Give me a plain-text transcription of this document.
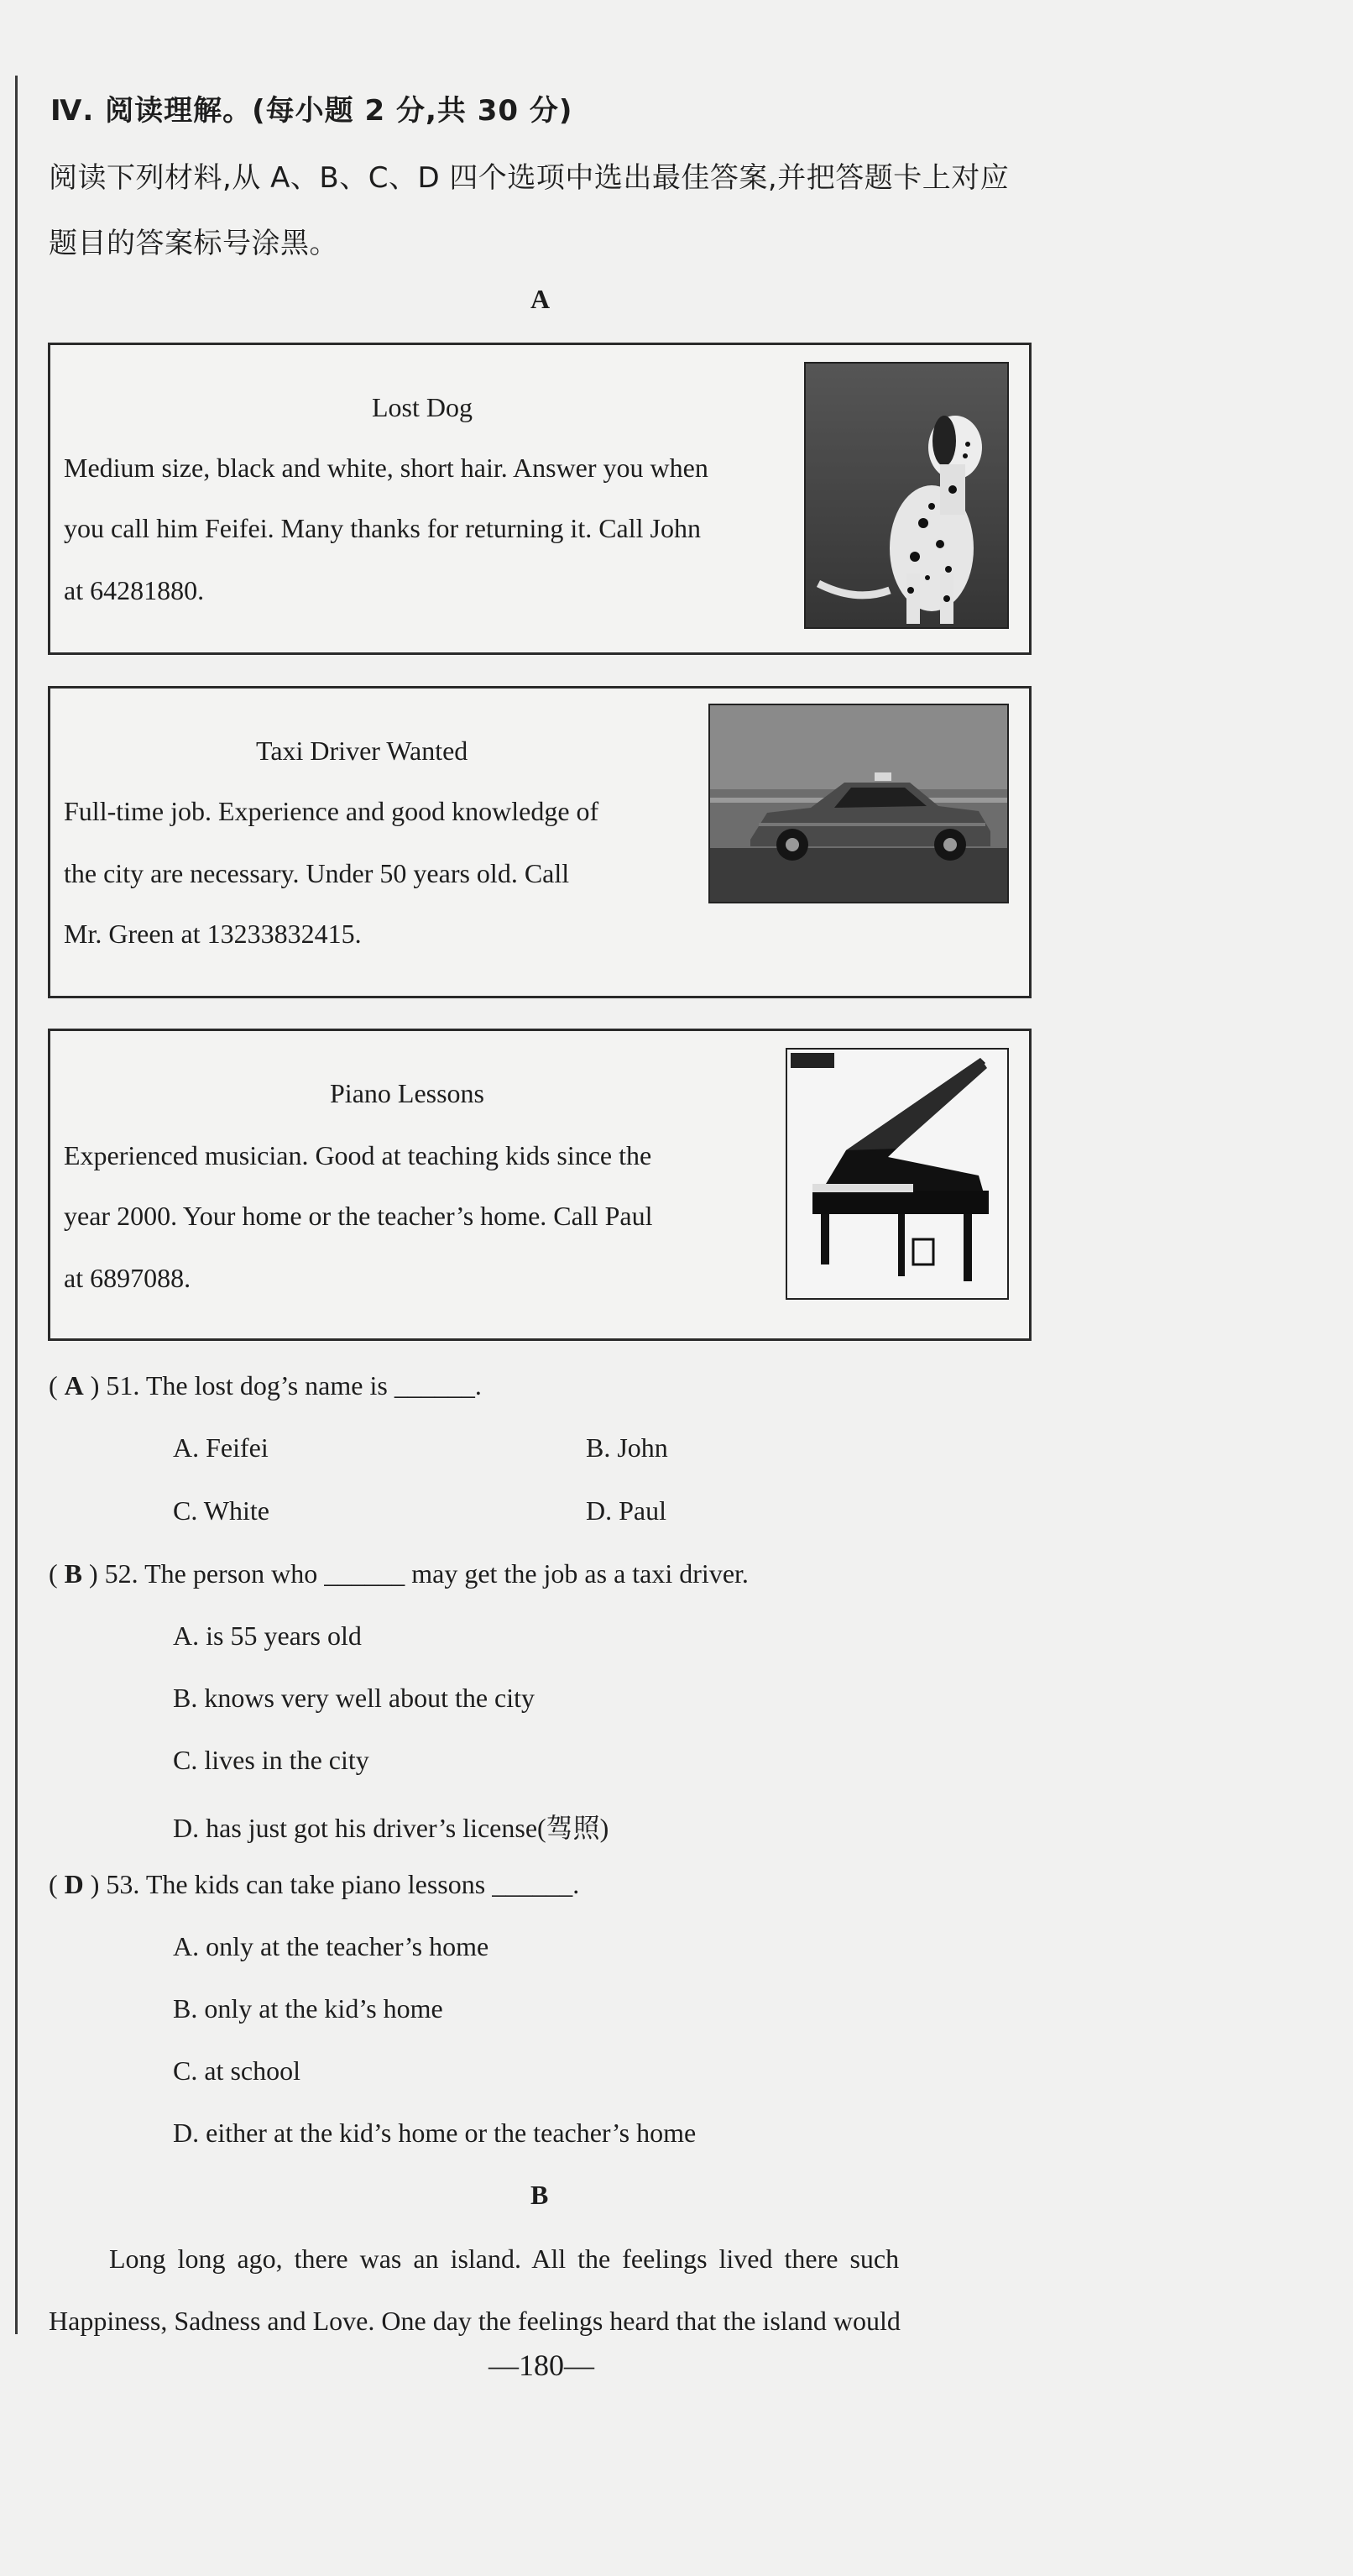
Ⅳ. 阅读理解。(每小题 2 分,共 30 分)
阅读下列材料,从 A、B、C、D 四个选项中选出最佳答案,并把答题卡上对应
题目的答案标号涂黑。
A
Lost Dog
Medium size, black and white, short hair. Answer you when
you call him Feifei. Many thanks for returning it. Call John
at 64281880.
Taxi Driver Wanted
Full-time job. Experience and good knowledge of
the city are necessary. Under 50 years old. Call
Mr. Green at 13233832415.
Piano Lessons
Experienced musician. Good at teaching kids since the
year 2000. Your home or the teacher’s home. Call Paul
at 6897088.
( A ) 51. The lost dog’s name is ______.
A. Feifei	B. John
C. White	D. Paul
( B ) 52. The person who ______ may get the job as a taxi driver.
A. is 55 years old
B. knows very well about the city
C. lives in the city
D. has just got his driver’s license(驾照)
( D ) 53. The kids can take piano lessons ______.
A. only at the teacher’s home
B. only at the kid’s home
C. at school
D. either at the kid’s home or the teacher’s home
B
Long long ago, there was an island. All the feelings lived there such
Happiness, Sadness and Love. One day the feelings heard that the island would
—180—
